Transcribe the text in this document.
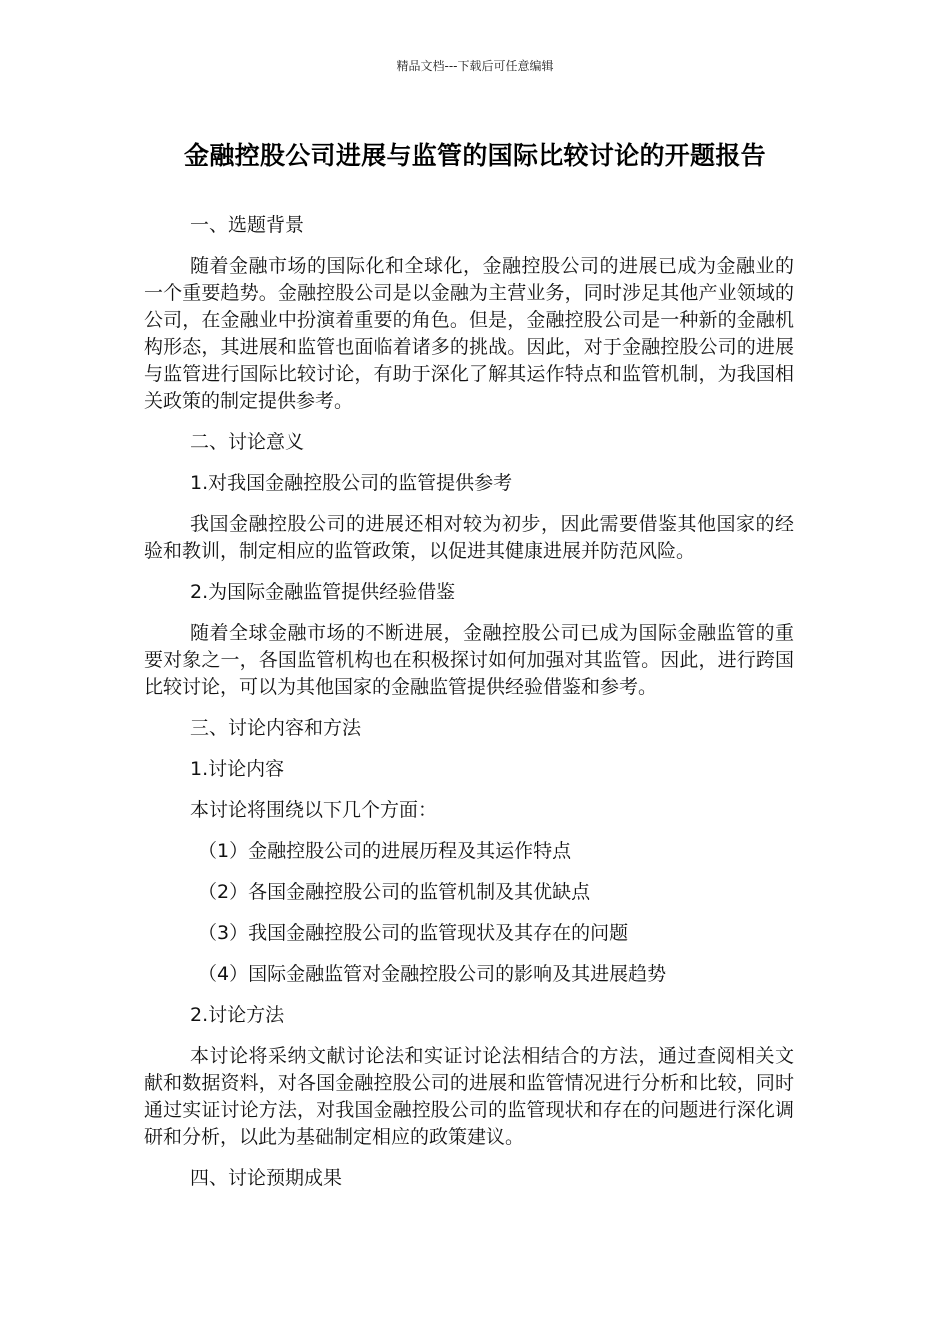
精品文档---下载后可任意编辑
金融控股公司进展与监管的国际比较讨论的开题报告
一、选题背景
随着金融市场的国际化和全球化，金融控股公司的进展已成为金融业的一个重要趋势。金融控股公司是以金融为主营业务，同时涉足其他产业领域的公司，在金融业中扮演着重要的角色。但是，金融控股公司是一种新的金融机构形态，其进展和监管也面临着诸多的挑战。因此，对于金融控股公司的进展与监管进行国际比较讨论，有助于深化了解其运作特点和监管机制，为我国相关政策的制定提供参考。
二、讨论意义
1.对我国金融控股公司的监管提供参考
我国金融控股公司的进展还相对较为初步，因此需要借鉴其他国家的经验和教训，制定相应的监管政策，以促进其健康进展并防范风险。
2.为国际金融监管提供经验借鉴
随着全球金融市场的不断进展，金融控股公司已成为国际金融监管的重要对象之一，各国监管机构也在积极探讨如何加强对其监管。因此，进行跨国比较讨论，可以为其他国家的金融监管提供经验借鉴和参考。
三、讨论内容和方法
1.讨论内容
本讨论将围绕以下几个方面：
（1）金融控股公司的进展历程及其运作特点
（2）各国金融控股公司的监管机制及其优缺点
（3）我国金融控股公司的监管现状及其存在的问题
（4）国际金融监管对金融控股公司的影响及其进展趋势
2.讨论方法
本讨论将采纳文献讨论法和实证讨论法相结合的方法，通过查阅相关文献和数据资料，对各国金融控股公司的进展和监管情况进行分析和比较，同时通过实证讨论方法，对我国金融控股公司的监管现状和存在的问题进行深化调研和分析，以此为基础制定相应的政策建议。
四、讨论预期成果
